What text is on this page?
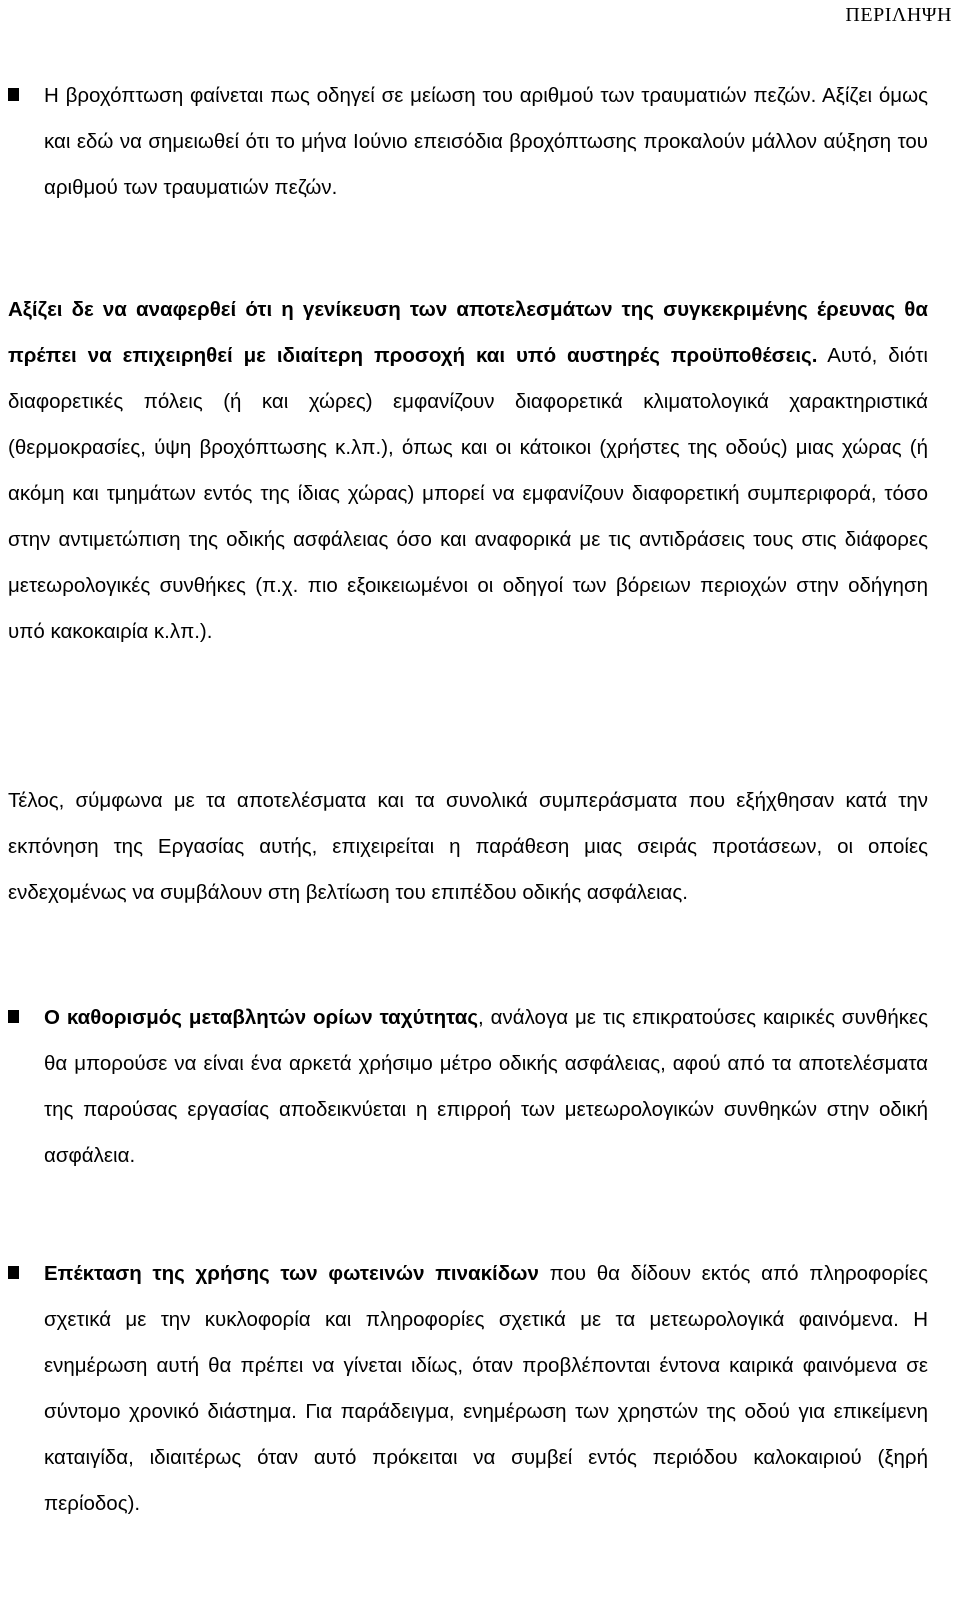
ΠΕΡΙΛΗΨΗ

Η βροχόπτωση φαίνεται πως οδηγεί σε μείωση του αριθμού των τραυματιών πεζών. Αξίζει όμως και εδώ να σημειωθεί ότι το μήνα Ιούνιο επεισόδια βροχόπτωσης προκαλούν μάλλον αύξηση του αριθμού των τραυματιών πεζών.

Αξίζει δε να αναφερθεί ότι η γενίκευση των αποτελεσμάτων της συγκεκριμένης έρευνας θα πρέπει να επιχειρηθεί με ιδιαίτερη προσοχή και υπό αυστηρές προϋποθέσεις. Αυτό, διότι διαφορετικές πόλεις (ή και χώρες) εμφανίζουν διαφορετικά κλιματολογικά χαρακτηριστικά (θερμοκρασίες, ύψη βροχόπτωσης κ.λπ.), όπως και οι κάτοικοι (χρήστες της οδούς) μιας χώρας (ή ακόμη και τμημάτων εντός της ίδιας χώρας) μπορεί να εμφανίζουν διαφορετική συμπεριφορά, τόσο στην αντιμετώπιση της οδικής ασφάλειας όσο και αναφορικά με τις αντιδράσεις τους στις διάφορες μετεωρολογικές συνθήκες (π.χ. πιο εξοικειωμένοι οι οδηγοί των βόρειων περιοχών στην οδήγηση υπό κακοκαιρία κ.λπ.).

Τέλος, σύμφωνα με τα αποτελέσματα και τα συνολικά συμπεράσματα που εξήχθησαν κατά την εκπόνηση της Εργασίας αυτής, επιχειρείται η παράθεση μιας σειράς προτάσεων, οι οποίες ενδεχομένως να συμβάλουν στη βελτίωση του επιπέδου οδικής ασφάλειας.

Ο καθορισμός μεταβλητών ορίων ταχύτητας, ανάλογα με τις επικρατούσες καιρικές συνθήκες θα μπορούσε να είναι ένα αρκετά χρήσιμο μέτρο οδικής ασφάλειας, αφού από τα αποτελέσματα της παρούσας εργασίας αποδεικνύεται η επιρροή των μετεωρολογικών συνθηκών στην οδική ασφάλεια.

Επέκταση της χρήσης των φωτεινών πινακίδων που θα δίδουν εκτός από πληροφορίες σχετικά με την κυκλοφορία και πληροφορίες σχετικά με τα μετεωρολογικά φαινόμενα. Η ενημέρωση αυτή θα πρέπει να γίνεται ιδίως, όταν προβλέπονται έντονα καιρικά φαινόμενα σε σύντομο χρονικό διάστημα. Για παράδειγμα, ενημέρωση των χρηστών της οδού για επικείμενη καταιγίδα, ιδιαιτέρως όταν αυτό πρόκειται να συμβεί εντός περιόδου καλοκαιριού (ξηρή περίοδος).
